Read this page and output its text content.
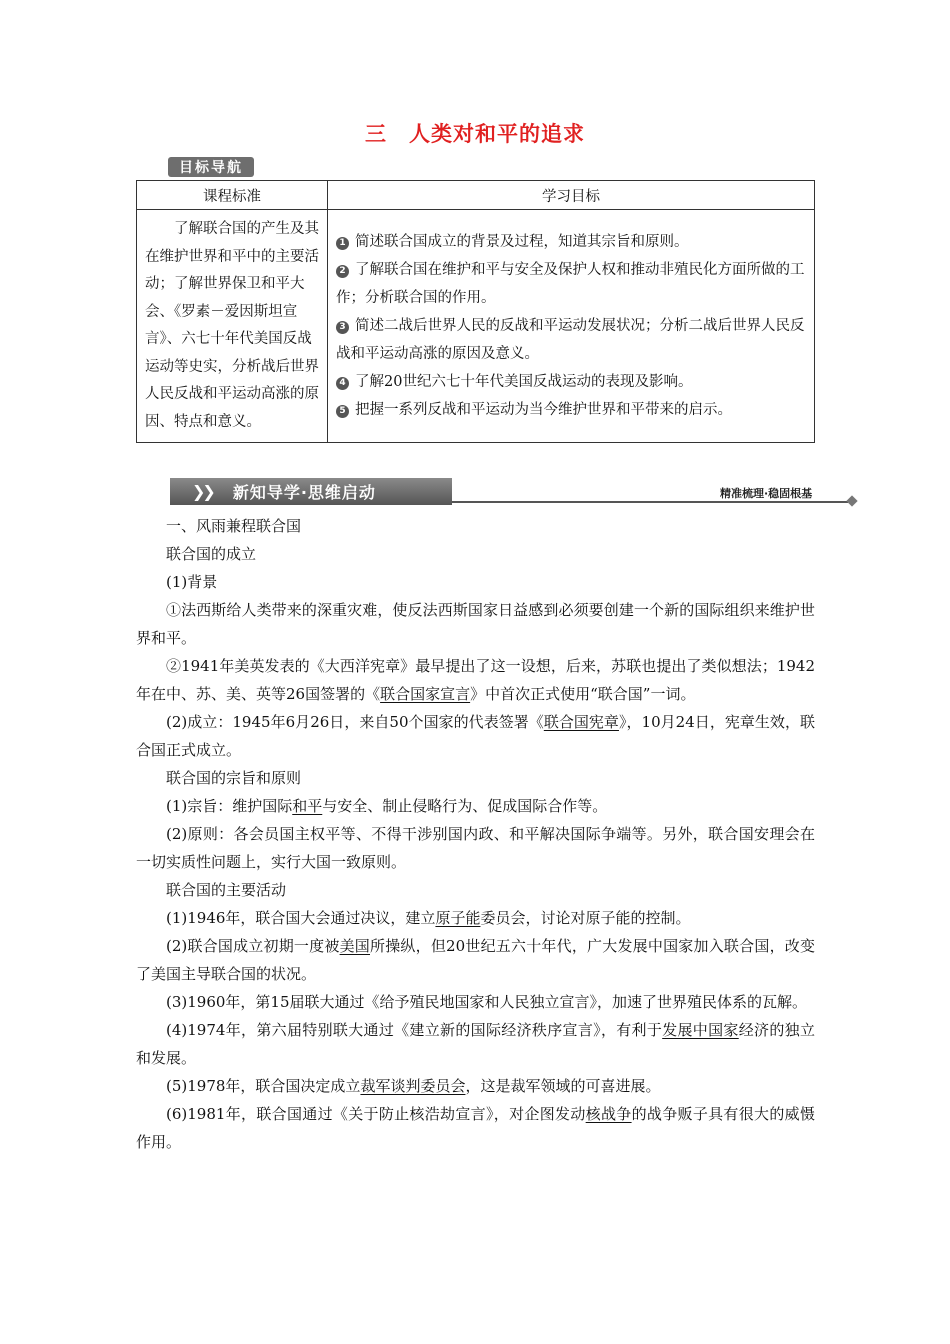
三　人类对和平的追求
目标导航
课程标准	学习目标
了解联合国的产生及其在维护世界和平中的主要活动；了解世界保卫和平大会、《罗素－爱因斯坦宣言》、六七十年代美国反战运动等史实，分析战后世界人民反战和平运动高涨的原因、特点和意义。	1 简述联合国成立的背景及过程，知道其宗旨和原则。
2 了解联合国在维护和平与安全及保护人权和推动非殖民化方面所做的工作；分析联合国的作用。
3 简述二战后世界人民的反战和平运动发展状况；分析二战后世界人民反战和平运动高涨的原因及意义。
4 了解20世纪六七十年代美国反战运动的表现及影响。
5 把握一系列反战和平运动为当今维护世界和平带来的启示。
❯❯ 新知导学·思维启动	精准梳理·稳固根基

一、风雨兼程联合国

联合国的成立

(1)背景

①法西斯给人类带来的深重灾难，使反法西斯国家日益感到必须要创建一个新的国际组织来维护世界和平。

②1941年美英发表的《大西洋宪章》最早提出了这一设想，后来，苏联也提出了类似想法；1942年在中、苏、美、英等26国签署的《联合国家宣言》中首次正式使用“联合国”一词。

(2)成立：1945年6月26日，来自50个国家的代表签署《联合国宪章》，10月24日，宪章生效，联合国正式成立。

联合国的宗旨和原则

(1)宗旨：维护国际和平与安全、制止侵略行为、促成国际合作等。

(2)原则：各会员国主权平等、不得干涉别国内政、和平解决国际争端等。另外，联合国安理会在一切实质性问题上，实行大国一致原则。

联合国的主要活动

(1)1946年，联合国大会通过决议，建立原子能委员会，讨论对原子能的控制。

(2)联合国成立初期一度被美国所操纵，但20世纪五六十年代，广大发展中国家加入联合国，改变了美国主导联合国的状况。

(3)1960年，第15届联大通过《给予殖民地国家和人民独立宣言》，加速了世界殖民体系的瓦解。

(4)1974年，第六届特别联大通过《建立新的国际经济秩序宣言》，有利于发展中国家经济的独立和发展。

(5)1978年，联合国决定成立裁军谈判委员会，这是裁军领域的可喜进展。

(6)1981年，联合国通过《关于防止核浩劫宣言》，对企图发动核战争的战争贩子具有很大的威慑作用。
